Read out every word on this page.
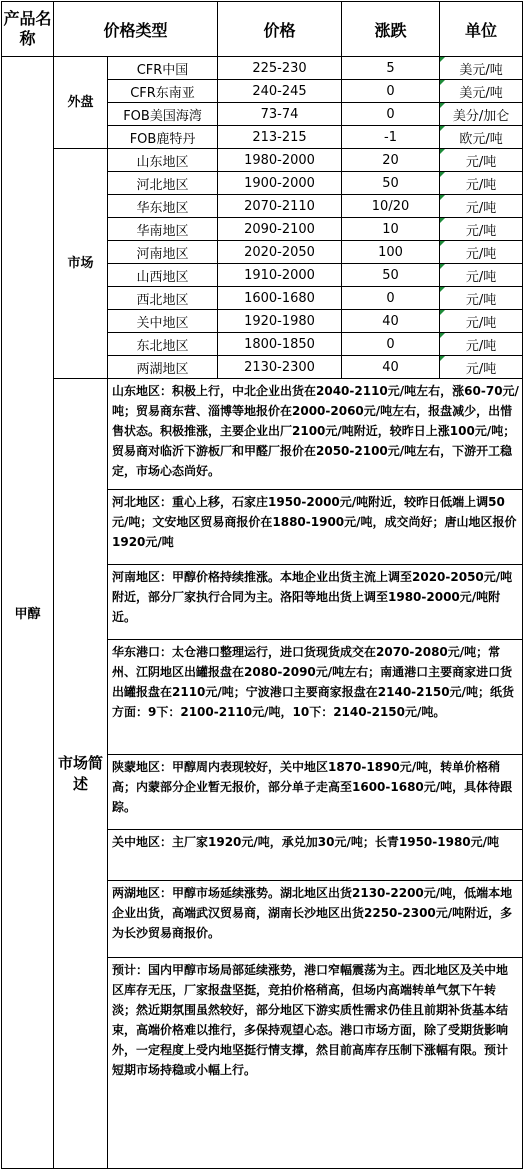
产品名称	价格类型		价格	涨跌	单位
甲醇	外盘	CFR中国	225-230	5	美元/吨
		CFR东南亚	240-245	0	美元/吨
		FOB美国海湾	73-74	0	美分/加仑
		FOB鹿特丹	213-215	-1	欧元/吨
	市场	山东地区	1980-2000	20	元/吨
		河北地区	1900-2000	50	元/吨
		华东地区	2070-2110	10/20	元/吨
		华南地区	2090-2100	10	元/吨
		河南地区	2020-2050	100	元/吨
		山西地区	1910-2000	50	元/吨
		西北地区	1600-1680	0	元/吨
		关中地区	1920-1980	40	元/吨
		东北地区	1800-1850	0	元/吨
		两湖地区	2130-2300	40	元/吨
	市场简述	山东地区：积极上行，中北企业出货在2040-2110元/吨左右，涨60-70元/吨；贸易商东营、淄博等地报价在2000-2060元/吨左右，报盘减少，出惜售状态。积极推涨，主要企业出厂2100元/吨附近，较昨日上涨100元/吨；贸易商对临沂下游板厂和甲醛厂报价在2050-2100元/吨左右，下游开工稳定，市场心态尚好。			
		河北地区：重心上移，石家庄1950-2000元/吨附近，较昨日低端上调50元/吨；文安地区贸易商报价在1880-1900元/吨，成交尚好；唐山地区报价1920元/吨			
		河南地区：甲醇价格持续推涨。本地企业出货主流上调至2020-2050元/吨附近，部分厂家执行合同为主。洛阳等地出货上调至1980-2000元/吨附近。			
		华东港口：太仓港口整理运行，进口货现货成交在2070-2080元/吨；常州、江阴地区出罐报盘在2080-2090元/吨左右；南通港口主要商家进口货出罐报盘在2110元/吨；宁波港口主要商家报盘在2140-2150元/吨；纸货方面：9下：2100-2110元/吨，10下：2140-2150元/吨。			
		陕蒙地区：甲醇周内表现较好，关中地区1870-1890元/吨，转单价格稍高；内蒙部分企业暂无报价，部分单子走高至1600-1680元/吨，具体待跟踪。			
		关中地区：主厂家1920元/吨，承兑加30元/吨；长青1950-1980元/吨			
		两湖地区：甲醇市场延续涨势。湖北地区出货2130-2200元/吨，低端本地企业出货，高端武汉贸易商，湖南长沙地区出货2250-2300元/吨附近，多为长沙贸易商报价。			
		预计：国内甲醇市场局部延续涨势，港口窄幅震荡为主。西北地区及关中地区库存无压，厂家报盘坚挺，竞拍价格稍高，但场内高端转单气氛下午转淡；然近期氛围虽然较好，部分地区下游实质性需求仍佳且前期补货基本结束，高端价格难以推行，多保持观望心态。港口市场方面，除了受期货影响外，一定程度上受内地坚挺行情支撑，然目前高库存压制下涨幅有限。预计短期市场持稳或小幅上行。			
